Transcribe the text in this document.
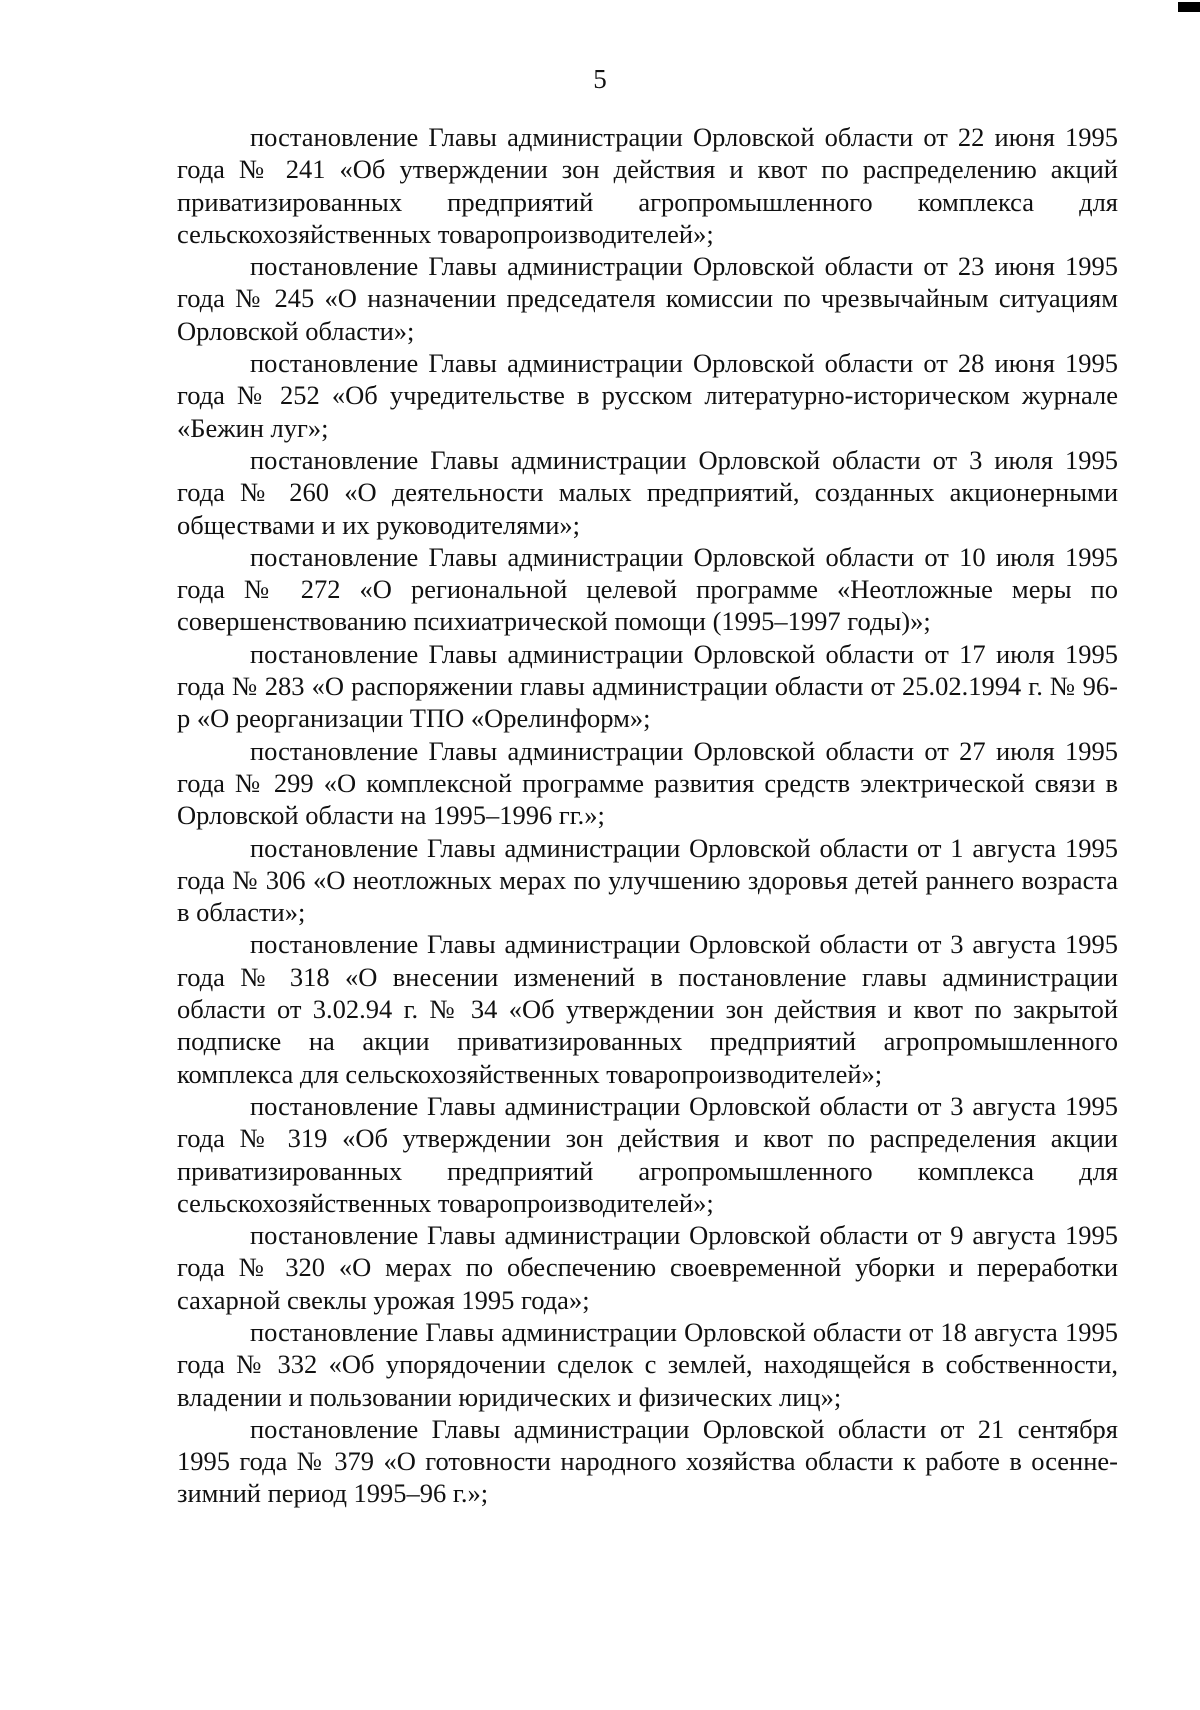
5

постановление Главы администрации Орловской области от 22 июня 1995 года № 241 «Об утверждении зон действия и квот по распределению акций приватизированных предприятий агропромышленного комплекса для сельскохозяйственных товаропроизводителей»;

постановление Главы администрации Орловской области от 23 июня 1995 года № 245 «О назначении председателя комиссии по чрезвычайным ситуациям Орловской области»;

постановление Главы администрации Орловской области от 28 июня 1995 года № 252 «Об учредительстве в русском литературно-историческом журнале «Бежин луг»;

постановление Главы администрации Орловской области от 3 июля 1995 года № 260 «О деятельности малых предприятий, созданных акционерными обществами и их руководителями»;

постановление Главы администрации Орловской области от 10 июля 1995 года № 272 «О региональной целевой программе «Неотложные меры по совершенствованию психиатрической помощи (1995–1997 годы)»;

постановление Главы администрации Орловской области от 17 июля 1995 года № 283 «О распоряжении главы администрации области от 25.02.1994 г. № 96-р «О реорганизации ТПО «Орелинформ»;

постановление Главы администрации Орловской области от 27 июля 1995 года № 299 «О комплексной программе развития средств электрической связи в Орловской области на 1995–1996 гг.»;

постановление Главы администрации Орловской области от 1 августа 1995 года № 306 «О неотложных мерах по улучшению здоровья детей раннего возраста в области»;

постановление Главы администрации Орловской области от 3 августа 1995 года № 318 «О внесении изменений в постановление главы администрации области от 3.02.94 г. № 34 «Об утверждении зон действия и квот по закрытой подписке на акции приватизированных предприятий агропромышленного комплекса для сельскохозяйственных товаропроизводителей»;

постановление Главы администрации Орловской области от 3 августа 1995 года № 319 «Об утверждении зон действия и квот по распределения акции приватизированных предприятий агропромышленного комплекса для сельскохозяйственных товаропроизводителей»;

постановление Главы администрации Орловской области от 9 августа 1995 года № 320 «О мерах по обеспечению своевременной уборки и переработки сахарной свеклы урожая 1995 года»;

постановление Главы администрации Орловской области от 18 августа 1995 года № 332 «Об упорядочении сделок с землей, находящейся в собственности, владении и пользовании юридических и физических лиц»;

постановление Главы администрации Орловской области от 21 сентября 1995 года № 379 «О готовности народного хозяйства области к работе в осенне-зимний период 1995–96 г.»;
